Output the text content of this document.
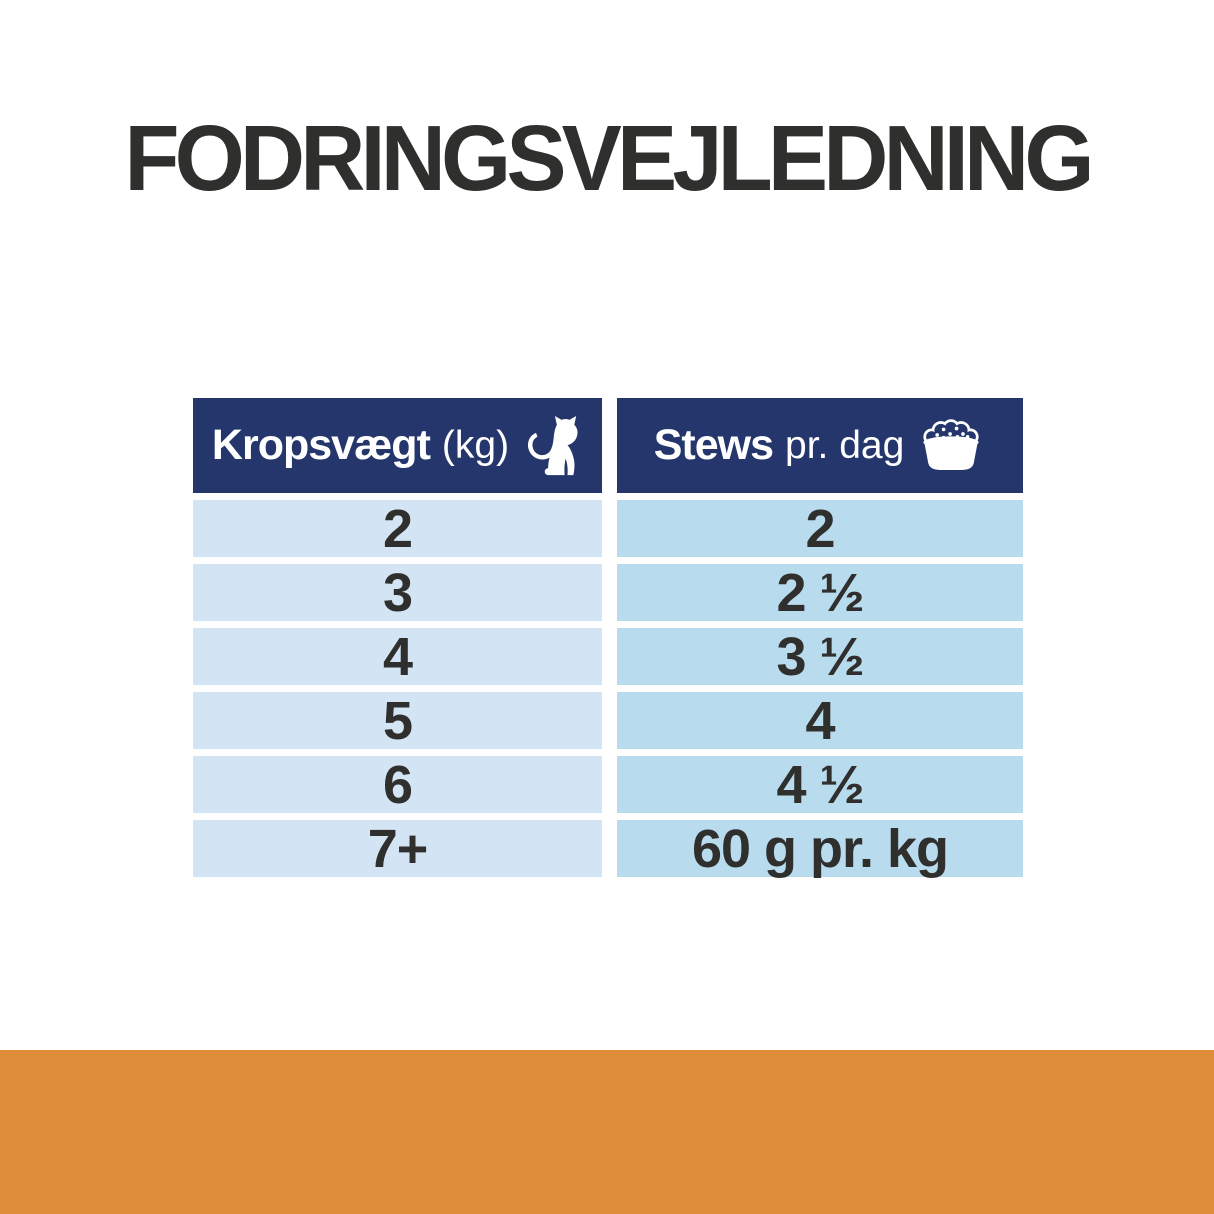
FODRINGSVEJLEDNING
Kropsvægt (kg)	Stews pr. dag
2	2
3	2 ½
4	3 ½
5	4
6	4 ½
7+	60 g pr. kg
